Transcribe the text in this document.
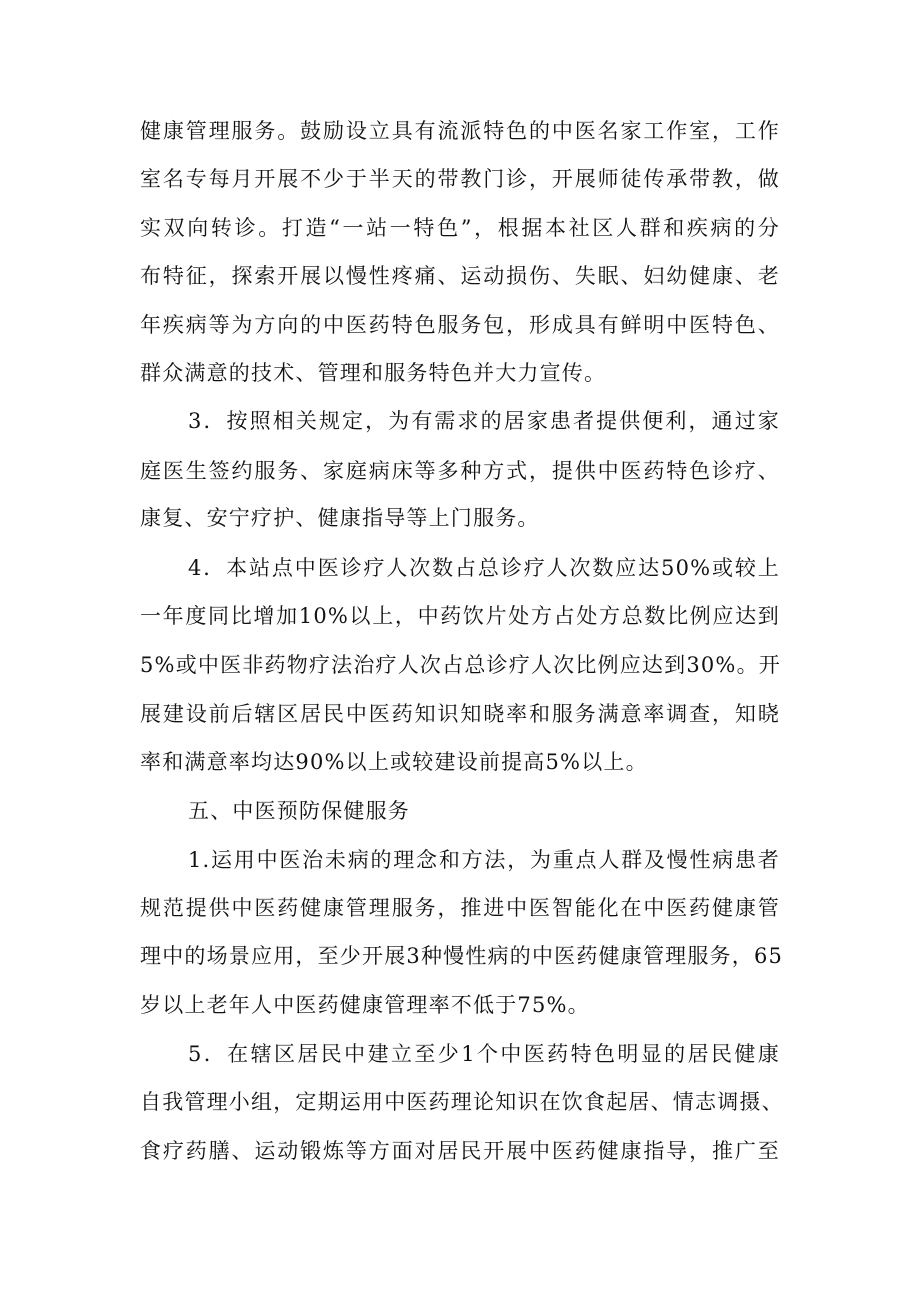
健康管理服务。鼓励设立具有流派特色的中医名家工作室，工作
室名专每月开展不少于半天的带教门诊，开展师徒传承带教，做
实双向转诊。打造“一站一特色”，根据本社区人群和疾病的分
布特征，探索开展以慢性疼痛、运动损伤、失眠、妇幼健康、老
年疾病等为方向的中医药特色服务包，形成具有鲜明中医特色、
群众满意的技术、管理和服务特色并大力宣传。
3．按照相关规定，为有需求的居家患者提供便利，通过家
庭医生签约服务、家庭病床等多种方式，提供中医药特色诊疗、
康复、安宁疗护、健康指导等上门服务。
4．本站点中医诊疗人次数占总诊疗人次数应达50%或较上
一年度同比增加10%以上，中药饮片处方占处方总数比例应达到
5%或中医非药物疗法治疗人次占总诊疗人次比例应达到30%。开
展建设前后辖区居民中医药知识知晓率和服务满意率调查，知晓
率和满意率均达90%以上或较建设前提高5%以上。
五、中医预防保健服务
1.运用中医治未病的理念和方法，为重点人群及慢性病患者
规范提供中医药健康管理服务，推进中医智能化在中医药健康管
理中的场景应用，至少开展3种慢性病的中医药健康管理服务，65
岁以上老年人中医药健康管理率不低于75%。
5．在辖区居民中建立至少1个中医药特色明显的居民健康
自我管理小组，定期运用中医药理论知识在饮食起居、情志调摄、
食疗药膳、运动锻炼等方面对居民开展中医药健康指导，推广至
